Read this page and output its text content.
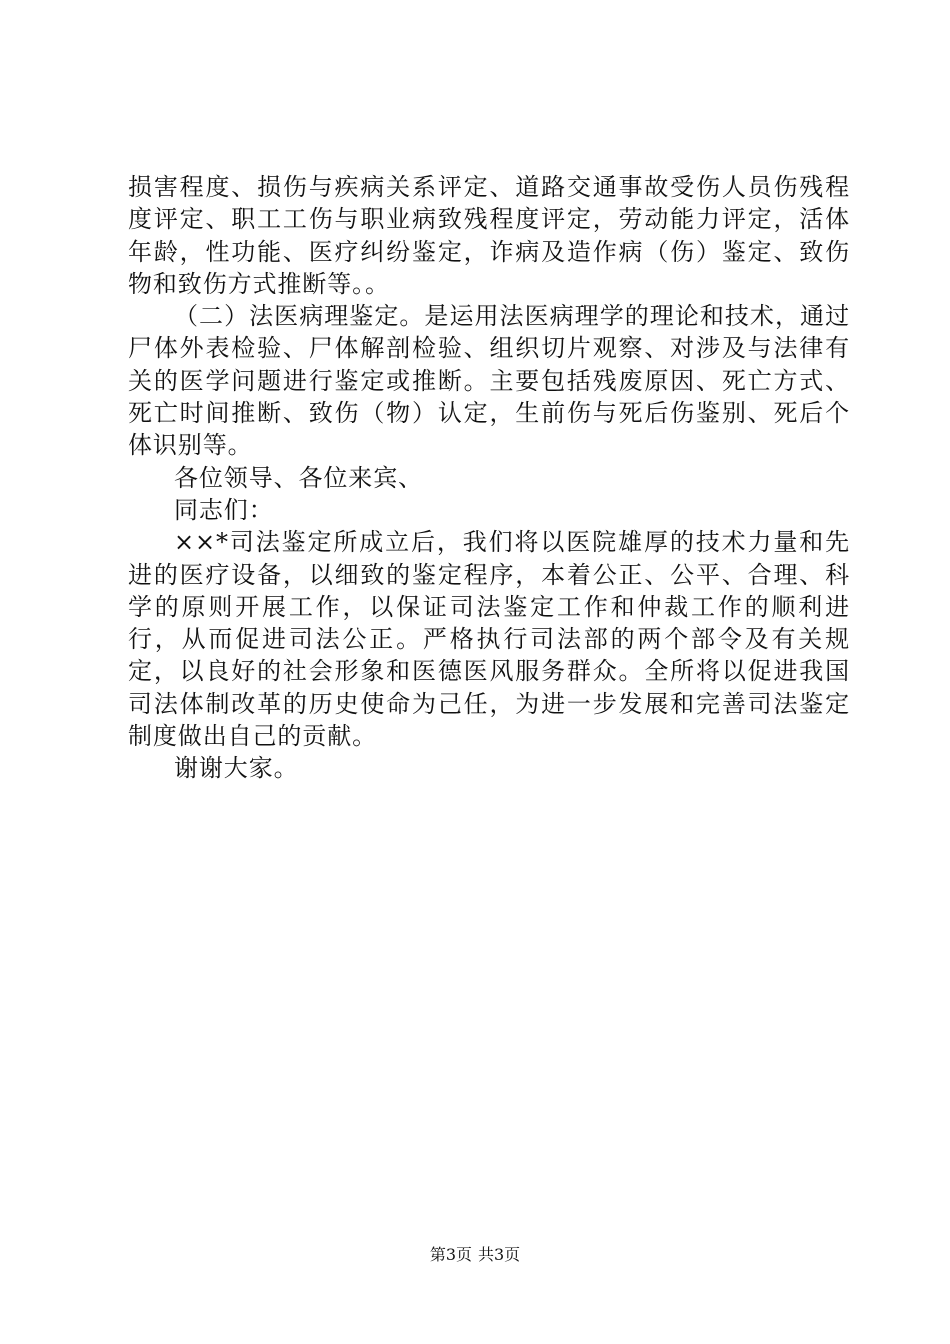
损害程度、损伤与疾病关系评定、道路交通事故受伤人员伤残程度评定、职工工伤与职业病致残程度评定，劳动能力评定，活体年龄，性功能、医疗纠纷鉴定，诈病及造作病（伤）鉴定、致伤物和致伤方式推断等。。

（二）法医病理鉴定。是运用法医病理学的理论和技术，通过尸体外表检验、尸体解剖检验、组织切片观察、对涉及与法律有关的医学问题进行鉴定或推断。主要包括残废原因、死亡方式、死亡时间推断、致伤（物）认定，生前伤与死后伤鉴别、死后个体识别等。

各位领导、各位来宾、

同志们：

××*司法鉴定所成立后，我们将以医院雄厚的技术力量和先进的医疗设备，以细致的鉴定程序，本着公正、公平、合理、科学的原则开展工作，以保证司法鉴定工作和仲裁工作的顺利进行，从而促进司法公正。严格执行司法部的两个部令及有关规定，以良好的社会形象和医德医风服务群众。全所将以促进我国司法体制改革的历史使命为己任，为进一步发展和完善司法鉴定制度做出自己的贡献。

谢谢大家。

第3页 共3页
